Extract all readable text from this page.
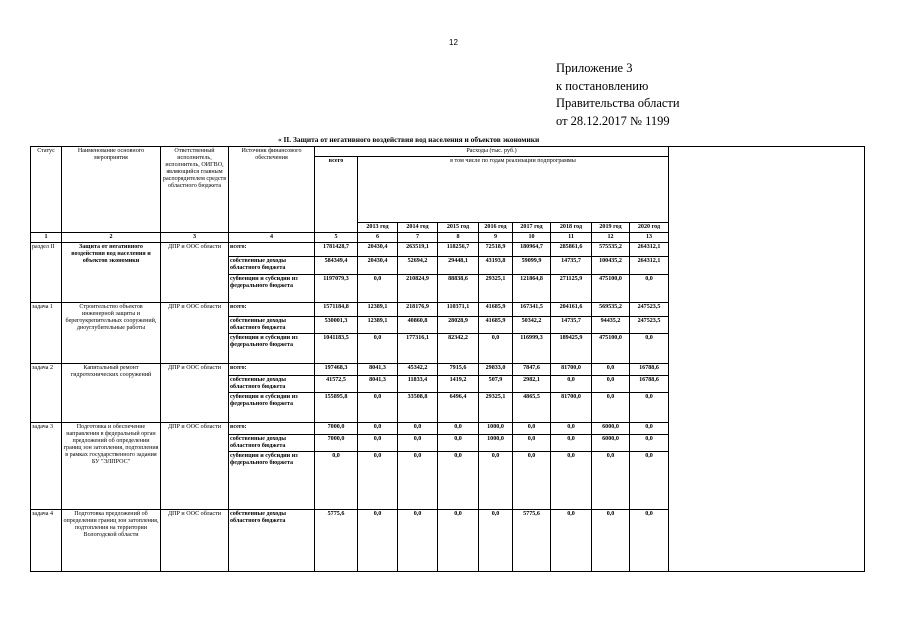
12
Приложение 3
к постановлению
Правительства области
от 28.12.2017 № 1199
« II. Защита от негативного воздействия вод населения и объектов экономики
Статус	Наименование основного мероприятия	Ответственный исполнитель, исполнитель, ОИГВО, являющийся главным распорядителем средств областного бюджета	Источник финансового обеспечения	Расходы (тыс. руб.)									
				всего	в том числе по годам реализации подпрограммы								
					2013 год	2014 год	2015 год	2016 год	2017 год	2018 год	2019 год	2020 год	
1	2	3	4	5	6	7	8	9	10	11	12	13	
раздел II	Защита от негативного воздействия вод населения и объектов экономики	ДПР и ООС области	всего:	1781428,7	20430,4	263519,1	118256,7	72518,9	180964,7	285861,6	575535,2	264312,1	
			собственные доходы областного бюджета	584349,4	20430,4	52694,2	29448,1	43193,8	59099,9	14735,7	100435,2	264312,1	
			субвенции и субсидии из федерального бюджета	1197079,3	0,0	210824,9	88838,6	29325,1	121864,8	271125,9	475100,0	0,0	
задача 1	Строительство объектов инженерной защиты и берегоукрепительных сооружений, дноуглубительные работы	ДПР и ООС области	всего:	1571184,8	12389,1	218176,9	110371,1	41685,9	167341,5	204161,6	569535,2	247523,5	
			собственные доходы областного бюджета	530001,3	12389,1	40860,8	28028,9	41685,9	50342,2	14735,7	94435,2	247523,5	
			субвенции и субсидии из федерального бюджета	1041183,5	0,0	177316,1	82342,2	0,0	116999,3	189425,9	475100,0	0,0	
задача 2	Капитальный ремонт гидротехнических сооружений	ДПР и ООС области	всего:	197468,3	8041,3	45342,2	7915,6	29833,0	7847,6	81700,0	0,0	16788,6	
			собственные доходы областного бюджета	41572,5	8041,3	11833,4	1419,2	507,9	2982,1	0,0	0,0	16788,6	
			субвенции и субсидии из федерального бюджета	155895,8	0,0	33508,8	6496,4	29325,1	4865,5	81700,0	0,0	0,0	
задача 3	Подготовка и обеспечение направления в федеральный орган предложений об определении границ зон затопления, подтопления в рамках государственного задания БУ "ЭЛПРОС"	ДПР и ООС области	всего:	7000,0	0,0	0,0	0,0	1000,0	0,0	0,0	6000,0	0,0	
			собственные доходы областного бюджета	7000,0	0,0	0,0	0,0	1000,0	0,0	0,0	6000,0	0,0	
			субвенции и субсидии из федерального бюджета	0,0	0,0	0,0	0,0	0,0	0,0	0,0	0,0	0,0	
задача 4	Подготовка предложений об определении границ зон затопления, подтопления на территории Вологодской области	ДПР и ООС области	собственные доходы областного бюджета	5775,6	0,0	0,0	0,0	0,0	5775,6	0,0	0,0	0,0	
